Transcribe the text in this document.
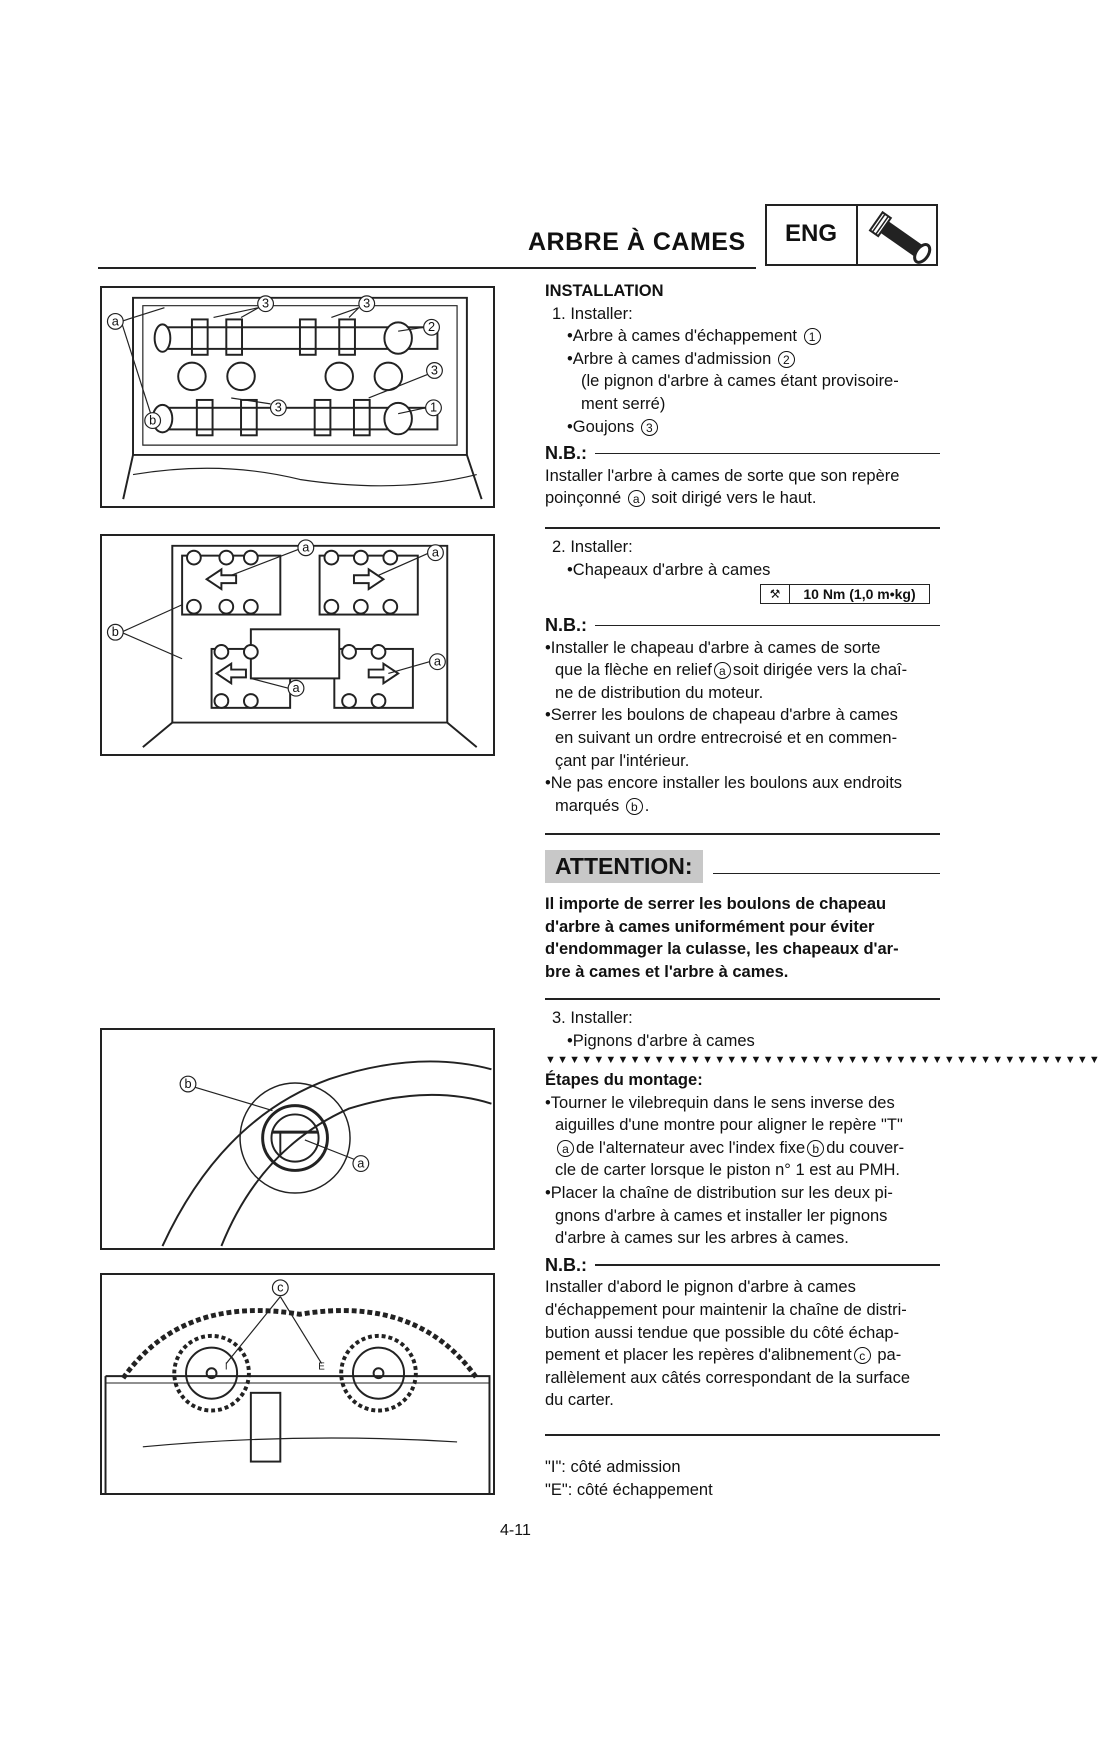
ARBRE À CAMES ENG
a
b
3	3
2
3
3	1
a	a
b
a
a
b
a
c
I	E

INSTALLATION

1. Installer:

•Arbre à cames d'échappement 1

•Arbre à cames d'admission 2

(le pignon d'arbre à cames étant provisoire-

ment serré)

•Goujons 3

N.B.:

Installer l'arbre à cames de sorte que son repère

poinçonné a soit dirigé vers le haut.

2. Installer:

•Chapeaux d'arbre à cames

⚒	10 Nm (1,0 m•kg)
N.B.:

•Installer le chapeau d'arbre à cames de sorte

que la flèche en relief a soit dirigée vers la chaî-

ne de distribution du moteur.

•Serrer les boulons de chapeau d'arbre à cames

en suivant un ordre entrecroisé et en commen-

çant par l'intérieur.

•Ne pas encore installer les boulons aux endroits

marqués b .

ATTENTION:

Il importe de serrer les boulons de chapeau

d'arbre à cames uniformément pour éviter

d'endommager la culasse, les chapeaux d'ar-

bre à cames et l'arbre à cames.

3. Installer:

•Pignons d'arbre à cames

▼▼▼▼▼▼▼▼▼▼▼▼▼▼▼▼▼▼▼▼▼▼▼▼▼▼▼▼▼▼▼▼▼▼▼▼▼▼▼▼▼▼▼▼▼▼

Étapes du montage:

•Tourner le vilebrequin dans le sens inverse des

aiguilles d'une montre pour aligner le repère "T"

a de l'alternateur avec l'index fixe b du couver-

cle de carter lorsque le piston n° 1 est au PMH.

•Placer la chaîne de distribution sur les deux pi-

gnons d'arbre à cames et installer ler pignons

d'arbre à cames sur les arbres à cames.

N.B.:

Installer d'abord le pignon d'arbre à cames

d'échappement pour maintenir la chaîne de distri-

bution aussi tendue que possible du côté échap-

pement et placer les repères d'alibnement c pa-

rallèlement aux câtés correspondant de la surface

du carter.

"I": côté admission

"E": côté échappement

4-11
